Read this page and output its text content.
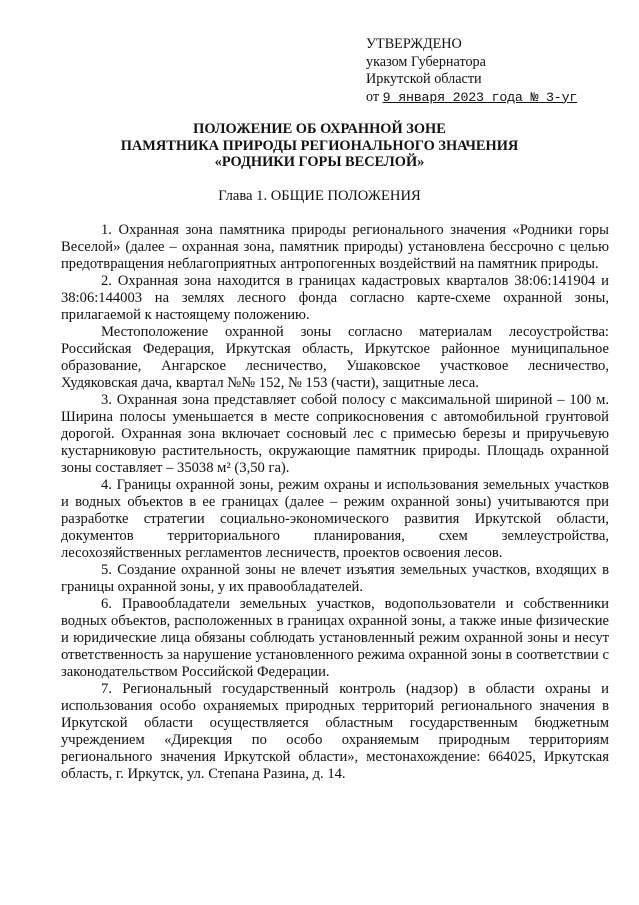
УТВЕРЖДЕНО
указом Губернатора
Иркутской области
от 9 января 2023 года № 3-уг
ПОЛОЖЕНИЕ ОБ ОХРАННОЙ ЗОНЕ
ПАМЯТНИКА ПРИРОДЫ РЕГИОНАЛЬНОГО ЗНАЧЕНИЯ
«РОДНИКИ ГОРЫ ВЕСЕЛОЙ»
Глава 1. ОБЩИЕ ПОЛОЖЕНИЯ

1. Охранная зона памятника природы регионального значения «Родники горы Веселой» (далее – охранная зона, памятник природы) установлена бессрочно с целью предотвращения неблагоприятных антропогенных воздействий на памятник природы.

2. Охранная зона находится в границах кадастровых кварталов 38:06:141904 и 38:06:144003 на землях лесного фонда согласно карте-схеме охранной зоны, прилагаемой к настоящему положению.

Местоположение охранной зоны согласно материалам лесоустройства: Российская Федерация, Иркутская область, Иркутское районное муниципальное образование, Ангарское лесничество, Ушаковское участковое лесничество, Худяковская дача, квартал №№ 152, № 153 (части), защитные леса.

3. Охранная зона представляет собой полосу с максимальной шириной – 100 м. Ширина полосы уменьшается в месте соприкосновения с автомобильной грунтовой дорогой. Охранная зона включает сосновый лес с примесью березы и приручьевую кустарниковую растительность, окружающие памятник природы. Площадь охранной зоны составляет – 35038 м² (3,50 га).

4. Границы охранной зоны, режим охраны и использования земельных участков и водных объектов в ее границах (далее – режим охранной зоны) учитываются при разработке стратегии социально-экономического развития Иркутской области, документов территориального планирования, схем землеустройства, лесохозяйственных регламентов лесничеств, проектов освоения лесов.

5. Создание охранной зоны не влечет изъятия земельных участков, входящих в границы охранной зоны, у их правообладателей.

6. Правообладатели земельных участков, водопользователи и собственники водных объектов, расположенных в границах охранной зоны, а также иные физические и юридические лица обязаны соблюдать установленный режим охранной зоны и несут ответственность за нарушение установленного режима охранной зоны в соответствии с законодательством Российской Федерации.

7. Региональный государственный контроль (надзор) в области охраны и использования особо охраняемых природных территорий регионального значения в Иркутской области осуществляется областным государственным бюджетным учреждением «Дирекция по особо охраняемым природным территориям регионального значения Иркутской области», местонахождение: 664025, Иркутская область, г. Иркутск, ул. Степана Разина, д. 14.
